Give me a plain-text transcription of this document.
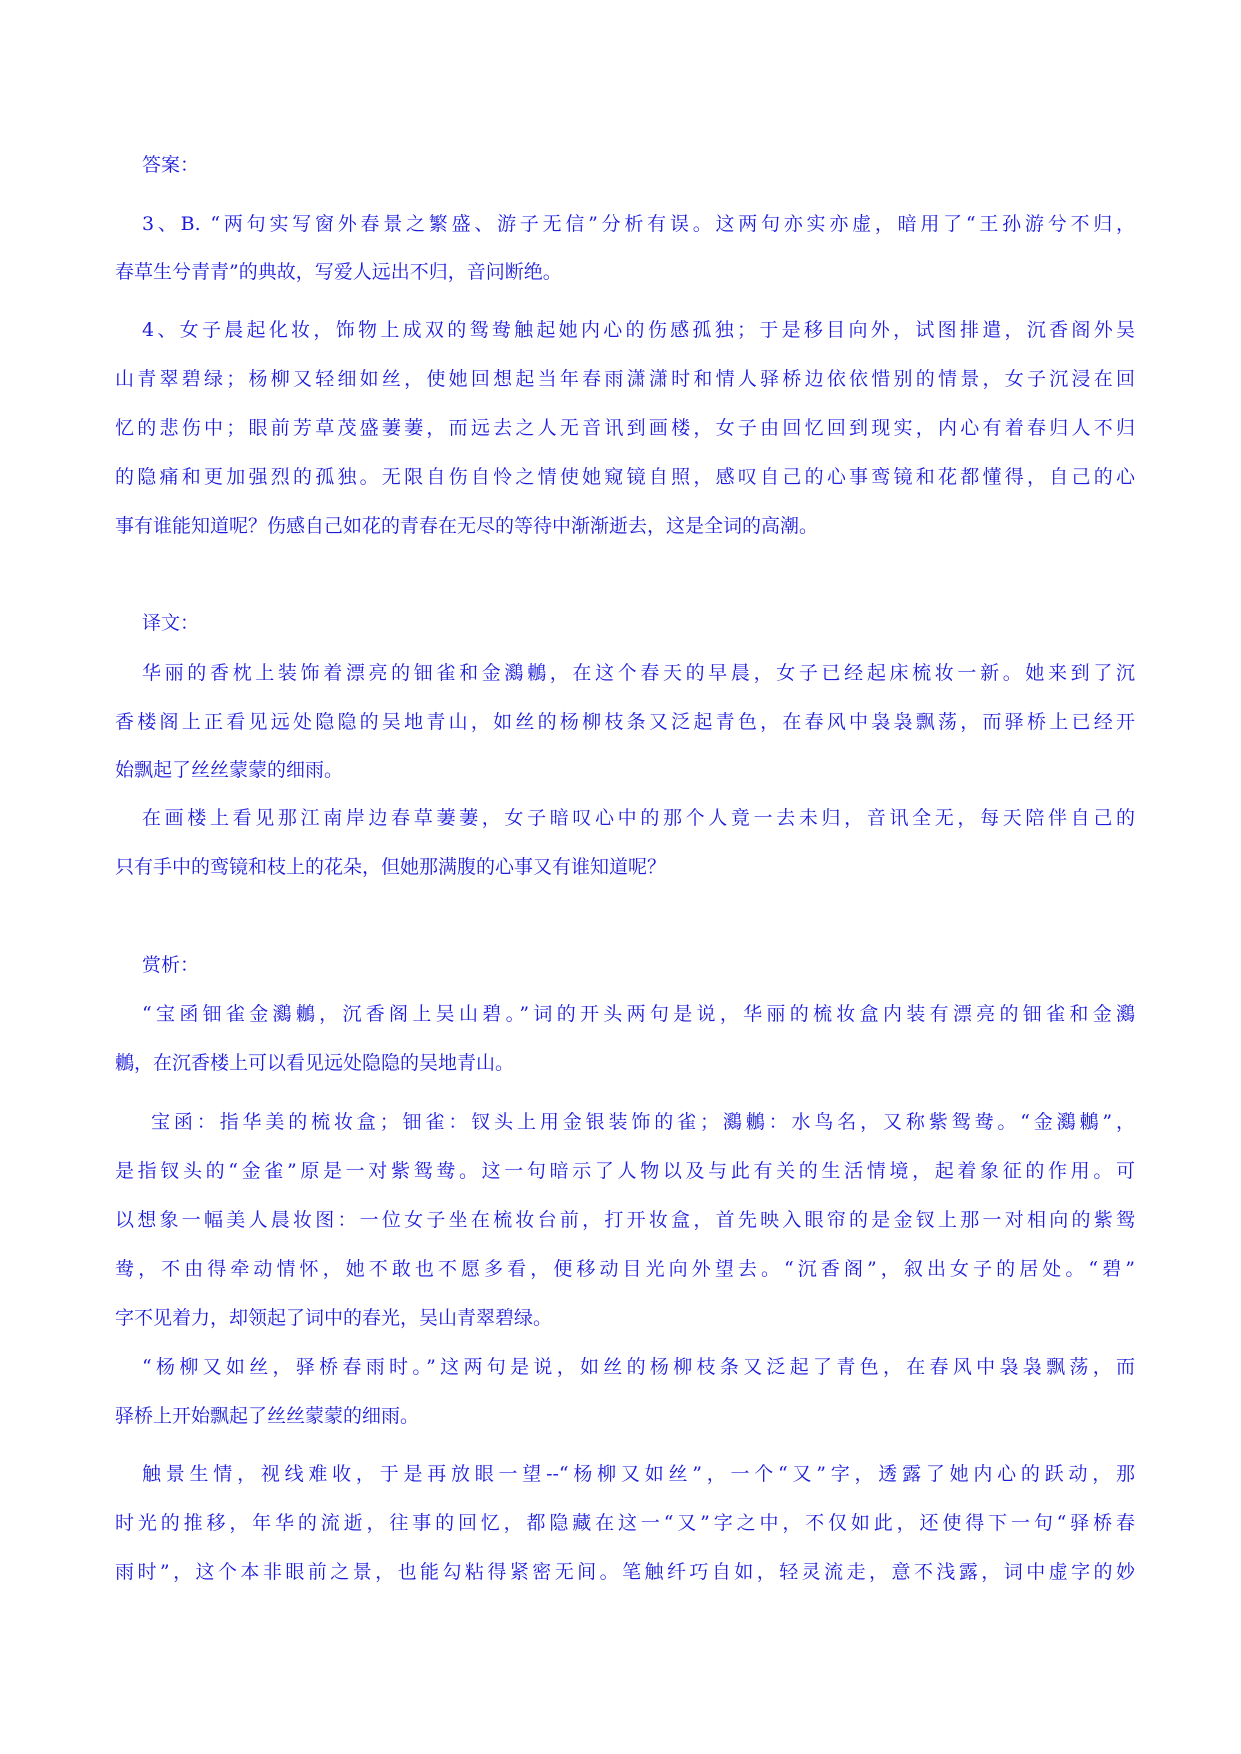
答案：
3、B. “两句实写窗外春景之繁盛、游子无信”分析有误。这两句亦实亦虚，暗用了“王孙游兮不归，
春草生兮青青”的典故，写爱人远出不归，音问断绝。
4、女子晨起化妆，饰物上成双的鸳鸯触起她内心的伤感孤独；于是移目向外，试图排遣，沉香阁外吴
山青翠碧绿；杨柳又轻细如丝，使她回想起当年春雨潇潇时和情人驿桥边依依惜别的情景，女子沉浸在回
忆的悲伤中；眼前芳草茂盛萋萋，而远去之人无音讯到画楼，女子由回忆回到现实，内心有着春归人不归
的隐痛和更加强烈的孤独。无限自伤自怜之情使她窥镜自照，感叹自己的心事鸾镜和花都懂得，自己的心
事有谁能知道呢？伤感自己如花的青春在无尽的等待中渐渐逝去，这是全词的高潮。
译文：
华丽的香枕上装饰着漂亮的钿雀和金鸂鶒，在这个春天的早晨，女子已经起床梳妆一新。她来到了沉
香楼阁上正看见远处隐隐的吴地青山，如丝的杨柳枝条又泛起青色，在春风中袅袅飘荡，而驿桥上已经开
始飘起了丝丝蒙蒙的细雨。
在画楼上看见那江南岸边春草萋萋，女子暗叹心中的那个人竟一去未归，音讯全无，每天陪伴自己的
只有手中的鸾镜和枝上的花朵，但她那满腹的心事又有谁知道呢？
赏析：
“宝函钿雀金鸂鶒，沉香阁上吴山碧。”词的开头两句是说，华丽的梳妆盒内装有漂亮的钿雀和金鸂
鶒，在沉香楼上可以看见远处隐隐的吴地青山。
宝函：指华美的梳妆盒；钿雀：钗头上用金银装饰的雀；鸂鶒：水鸟名，又称紫鸳鸯。“金鸂鶒”，
是指钗头的“金雀”原是一对紫鸳鸯。这一句暗示了人物以及与此有关的生活情境，起着象征的作用。可
以想象一幅美人晨妆图：一位女子坐在梳妆台前，打开妆盒，首先映入眼帘的是金钗上那一对相向的紫鸳
鸯，不由得牵动情怀，她不敢也不愿多看，便移动目光向外望去。“沉香阁”，叙出女子的居处。“碧”
字不见着力，却领起了词中的春光，吴山青翠碧绿。
“杨柳又如丝，驿桥春雨时。”这两句是说，如丝的杨柳枝条又泛起了青色，在春风中袅袅飘荡，而
驿桥上开始飘起了丝丝蒙蒙的细雨。
触景生情，视线难收，于是再放眼一望--“杨柳又如丝”，一个“又”字，透露了她内心的跃动，那
时光的推移，年华的流逝，往事的回忆，都隐藏在这一“又”字之中，不仅如此，还使得下一句“驿桥春
雨时”，这个本非眼前之景，也能勾粘得紧密无间。笔触纤巧自如，轻灵流走，意不浅露，词中虚字的妙
